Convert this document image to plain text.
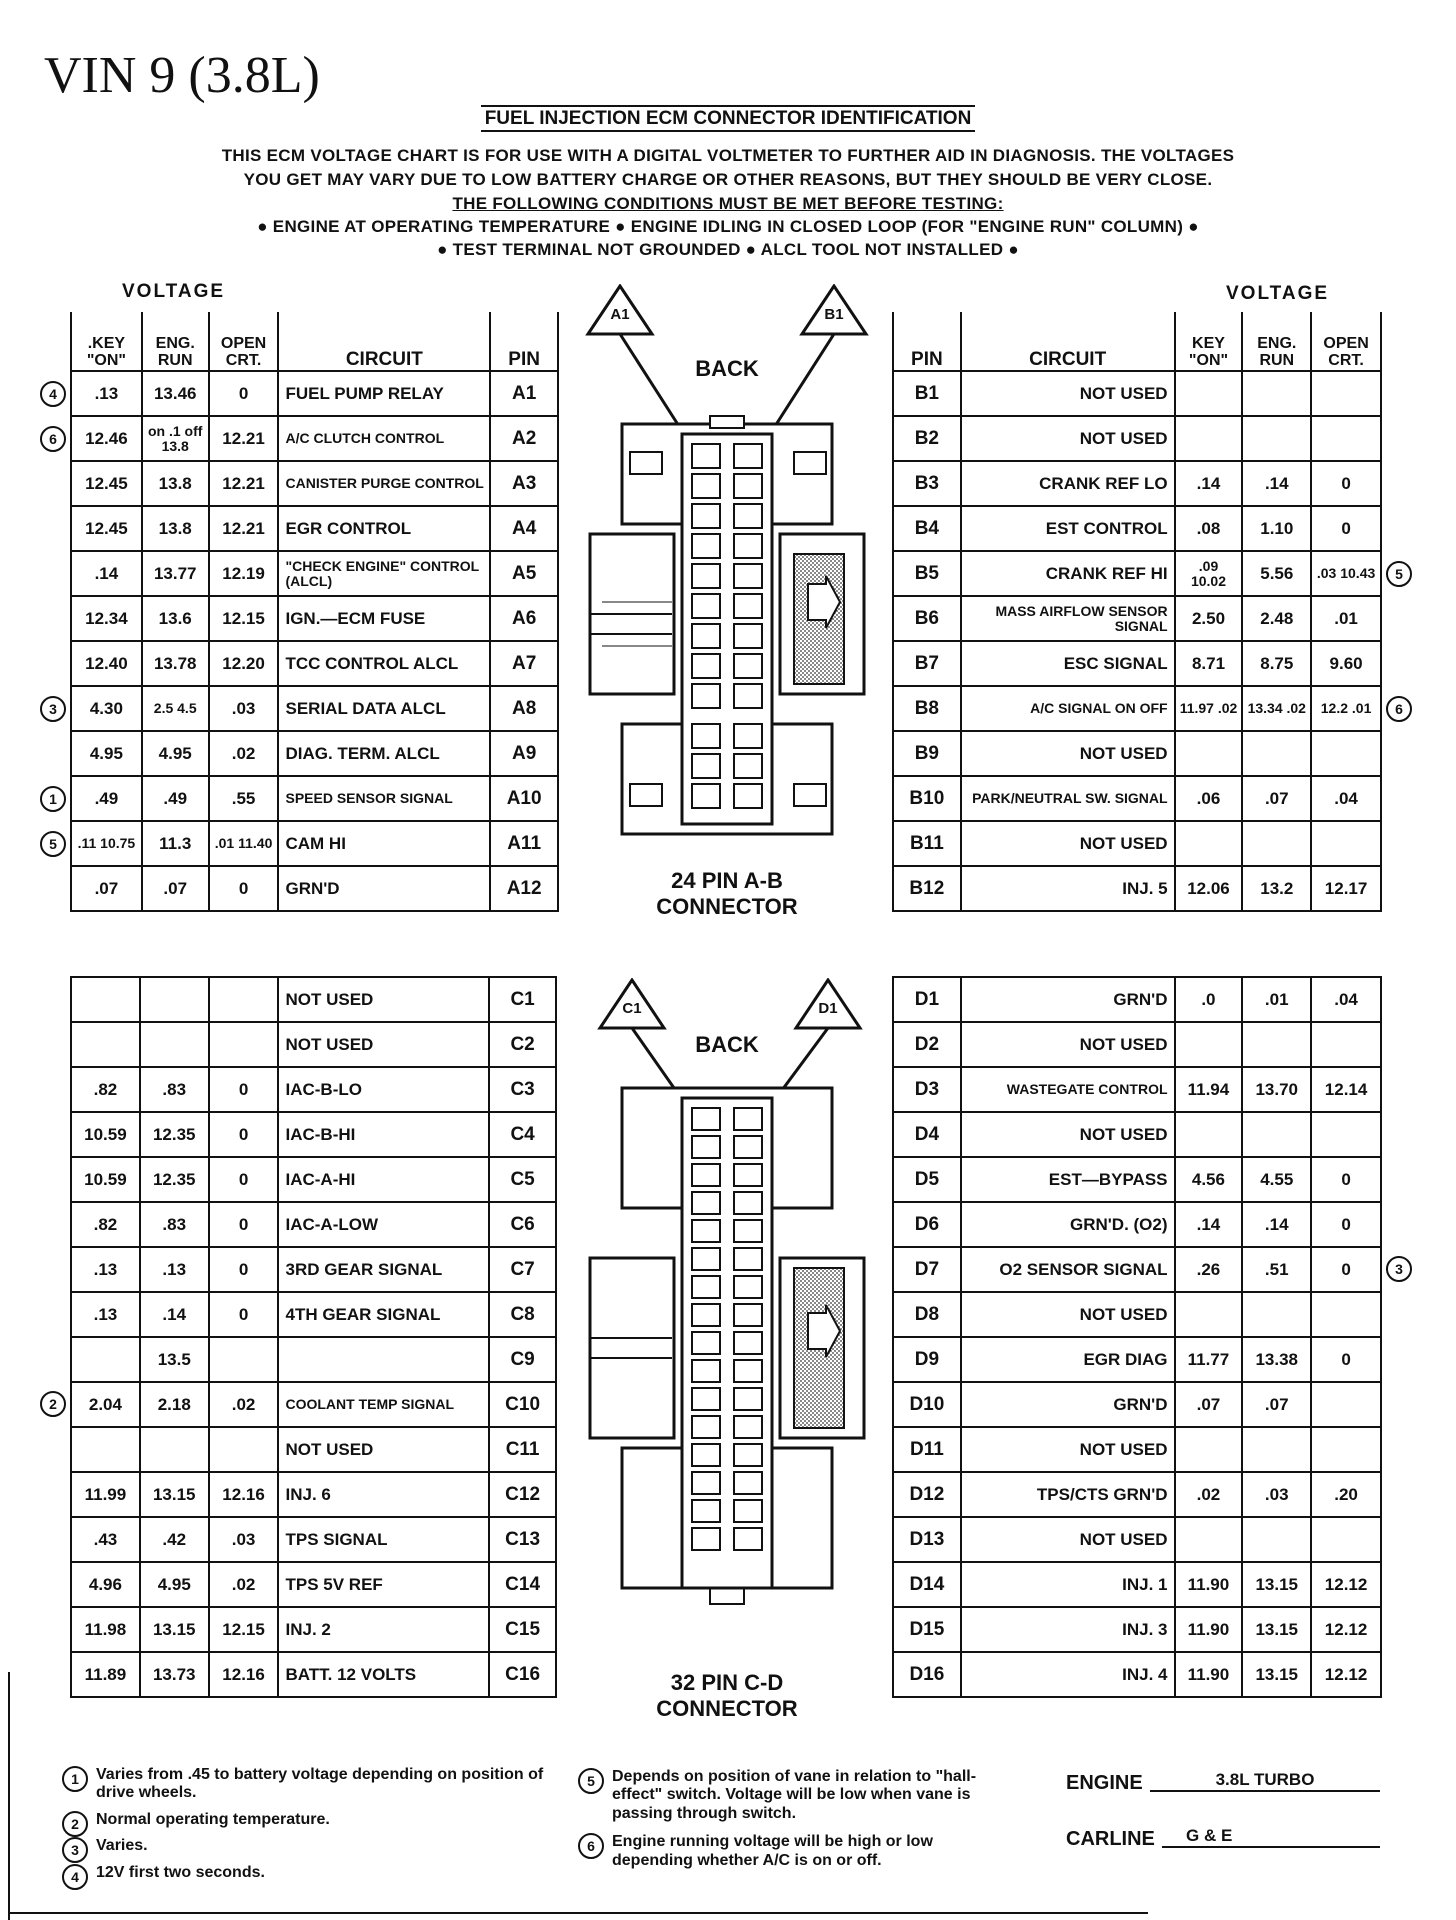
VIN 9 (3.8L)
FUEL INJECTION ECM CONNECTOR IDENTIFICATION
THIS ECM VOLTAGE CHART IS FOR USE WITH A DIGITAL VOLTMETER TO FURTHER AID IN DIAGNOSIS. THE VOLTAGES
YOU GET MAY VARY DUE TO LOW BATTERY CHARGE OR OTHER REASONS, BUT THEY SHOULD BE VERY CLOSE.
THE FOLLOWING CONDITIONS MUST BE MET BEFORE TESTING:
● ENGINE AT OPERATING TEMPERATURE ● ENGINE IDLING IN CLOSED LOOP (FOR "ENGINE RUN" COLUMN) ●
● TEST TERMINAL NOT GROUNDED ● ALCL TOOL NOT INSTALLED ●
VOLTAGE	VOLTAGE
.KEY "ON"	ENG. RUN	OPEN CRT.	CIRCUIT	PIN
.13	13.46	0	FUEL PUMP RELAY	A1
12.46	on .1 off 13.8	12.21	A/C CLUTCH CONTROL	A2
12.45	13.8	12.21	CANISTER PURGE CONTROL	A3
12.45	13.8	12.21	EGR CONTROL	A4
.14	13.77	12.19	"CHECK ENGINE" CONTROL (ALCL)	A5
12.34	13.6	12.15	IGN.—ECM FUSE	A6
12.40	13.78	12.20	TCC CONTROL ALCL	A7
4.30	2.5 4.5	.03	SERIAL DATA ALCL	A8
4.95	4.95	.02	DIAG. TERM. ALCL	A9
.49	.49	.55	SPEED SENSOR SIGNAL	A10
.11 10.75	11.3	.01 11.40	CAM HI	A11
.07	.07	0	GRN'D	A12
PIN	CIRCUIT	KEY "ON"	ENG. RUN	OPEN CRT.
B1	NOT USED			
B2	NOT USED			
B3	CRANK REF LO	.14	.14	0
B4	EST CONTROL	.08	1.10	0
B5	CRANK REF HI	.09 10.02	5.56	.03 10.43
B6	MASS AIRFLOW SENSOR SIGNAL	2.50	2.48	.01
B7	ESC SIGNAL	8.71	8.75	9.60
B8	A/C SIGNAL ON OFF	11.97 .02	13.34 .02	12.2 .01
B9	NOT USED			
B10	PARK/NEUTRAL SW. SIGNAL	.06	.07	.04
B11	NOT USED			
B12	INJ. 5	12.06	13.2	12.17
			NOT USED	C1
			NOT USED	C2
.82	.83	0	IAC-B-LO	C3
10.59	12.35	0	IAC-B-HI	C4
10.59	12.35	0	IAC-A-HI	C5
.82	.83	0	IAC-A-LOW	C6
.13	.13	0	3RD GEAR SIGNAL	C7
.13	.14	0	4TH GEAR SIGNAL	C8
	13.5			C9
2.04	2.18	.02	COOLANT TEMP SIGNAL	C10
			NOT USED	C11
11.99	13.15	12.16	INJ. 6	C12
.43	.42	.03	TPS SIGNAL	C13
4.96	4.95	.02	TPS 5V REF	C14
11.98	13.15	12.15	INJ. 2	C15
11.89	13.73	12.16	BATT. 12 VOLTS	C16
D1	GRN'D	.0	.01	.04
D2	NOT USED			
D3	WASTEGATE CONTROL	11.94	13.70	12.14
D4	NOT USED			
D5	EST—BYPASS	4.56	4.55	0
D6	GRN'D. (O2)	.14	.14	0
D7	O2 SENSOR SIGNAL	.26	.51	0
D8	NOT USED			
D9	EGR DIAG	11.77	13.38	0
D10	GRN'D	.07	.07	
D11	NOT USED			
D12	TPS/CTS GRN'D	.02	.03	.20
D13	NOT USED			
D14	INJ. 1	11.90	13.15	12.12
D15	INJ. 3	11.90	13.15	12.12
D16	INJ. 4	11.90	13.15	12.12
A1	B1
BACK
24 PIN A-B
CONNECTOR
C1	D1
BACK
32 PIN C-D
CONNECTOR
1	Varies from .45 to battery voltage depending on position of drive wheels.
2	Normal operating temperature.
3	Varies.
4	12V first two seconds.
5	Depends on position of vane in relation to "hall-effect" switch. Voltage will be low when vane is passing through switch.
6	Engine running voltage will be high or low depending whether A/C is on or off.
ENGINE	3.8L TURBO
CARLINE	G & E
4
6
3
1
5
5
6
2
3
